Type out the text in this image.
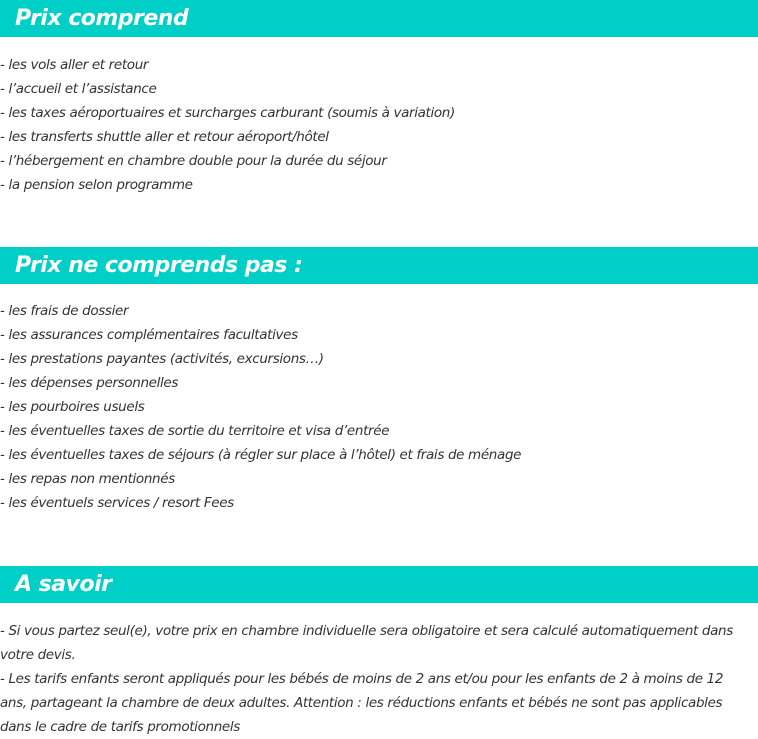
Prix comprend
- les vols aller et retour
- l’accueil et l’assistance
- les taxes aéroportuaires et surcharges carburant (soumis à variation)
- les transferts shuttle aller et retour aéroport/hôtel
- l’hébergement en chambre double pour la durée du séjour
- la pension selon programme
Prix ne comprends pas :
- les frais de dossier
- les assurances complémentaires facultatives
- les prestations payantes (activités, excursions…)
- les dépenses personnelles
- les pourboires usuels
- les éventuelles taxes de sortie du territoire et visa d’entrée
- les éventuelles taxes de séjours (à régler sur place à l’hôtel) et frais de ménage
- les repas non mentionnés
- les éventuels services / resort Fees
A savoir

- Si vous partez seul(e), votre prix en chambre individuelle sera obligatoire et sera calculé automatiquement dans votre devis.

- Les tarifs enfants seront appliqués pour les bébés de moins de 2 ans et/ou pour les enfants de 2 à moins de 12 ans, partageant la chambre de deux adultes. Attention : les réductions enfants et bébés ne sont pas applicables dans le cadre de tarifs promotionnels
